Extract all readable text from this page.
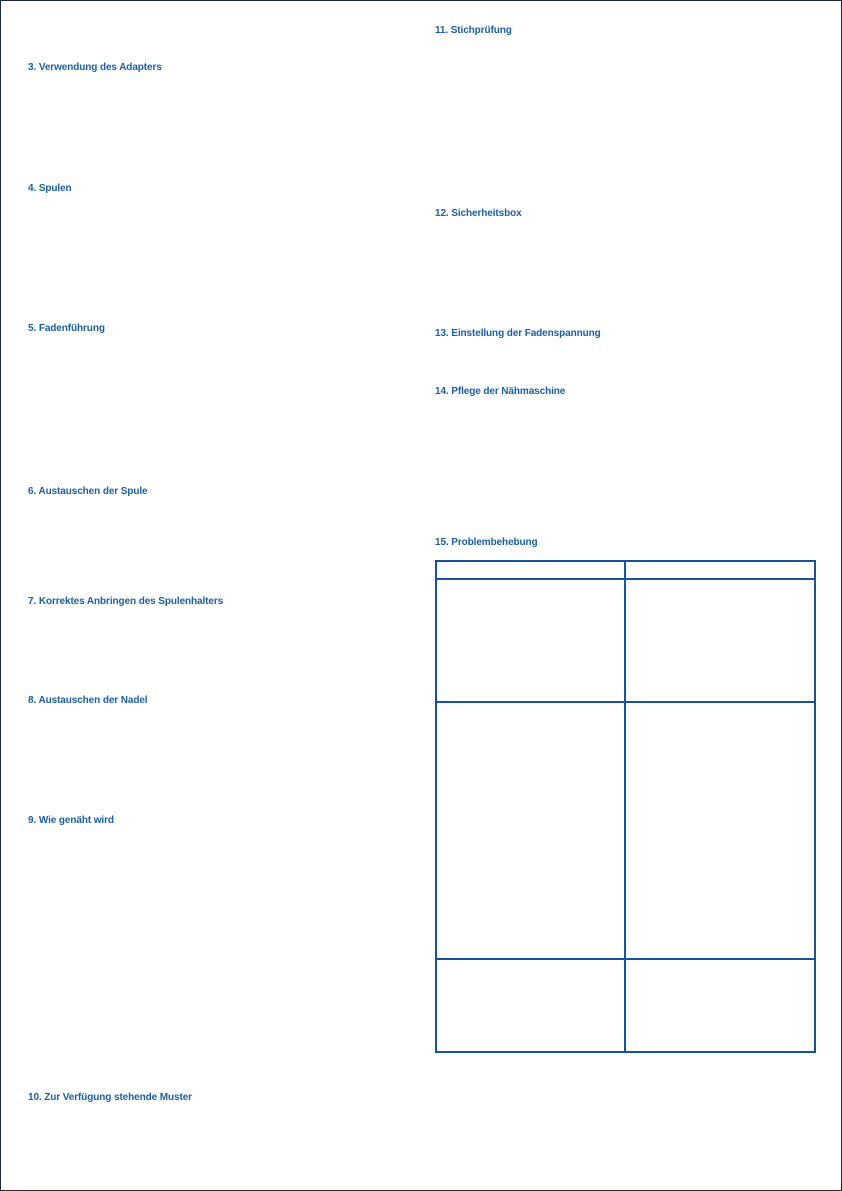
3. Verwendung des Adapters
4. Spulen
5. Fadenführung
6. Austauschen der Spule
7. Korrektes Anbringen des Spulenhalters
8. Austauschen der Nadel
9. Wie genäht wird
10. Zur Verfügung stehende Muster
11. Stichprüfung
12. Sicherheitsbox
13. Einstellung der Fadenspannung
14. Pflege der Nähmaschine
15. Problembehebung
